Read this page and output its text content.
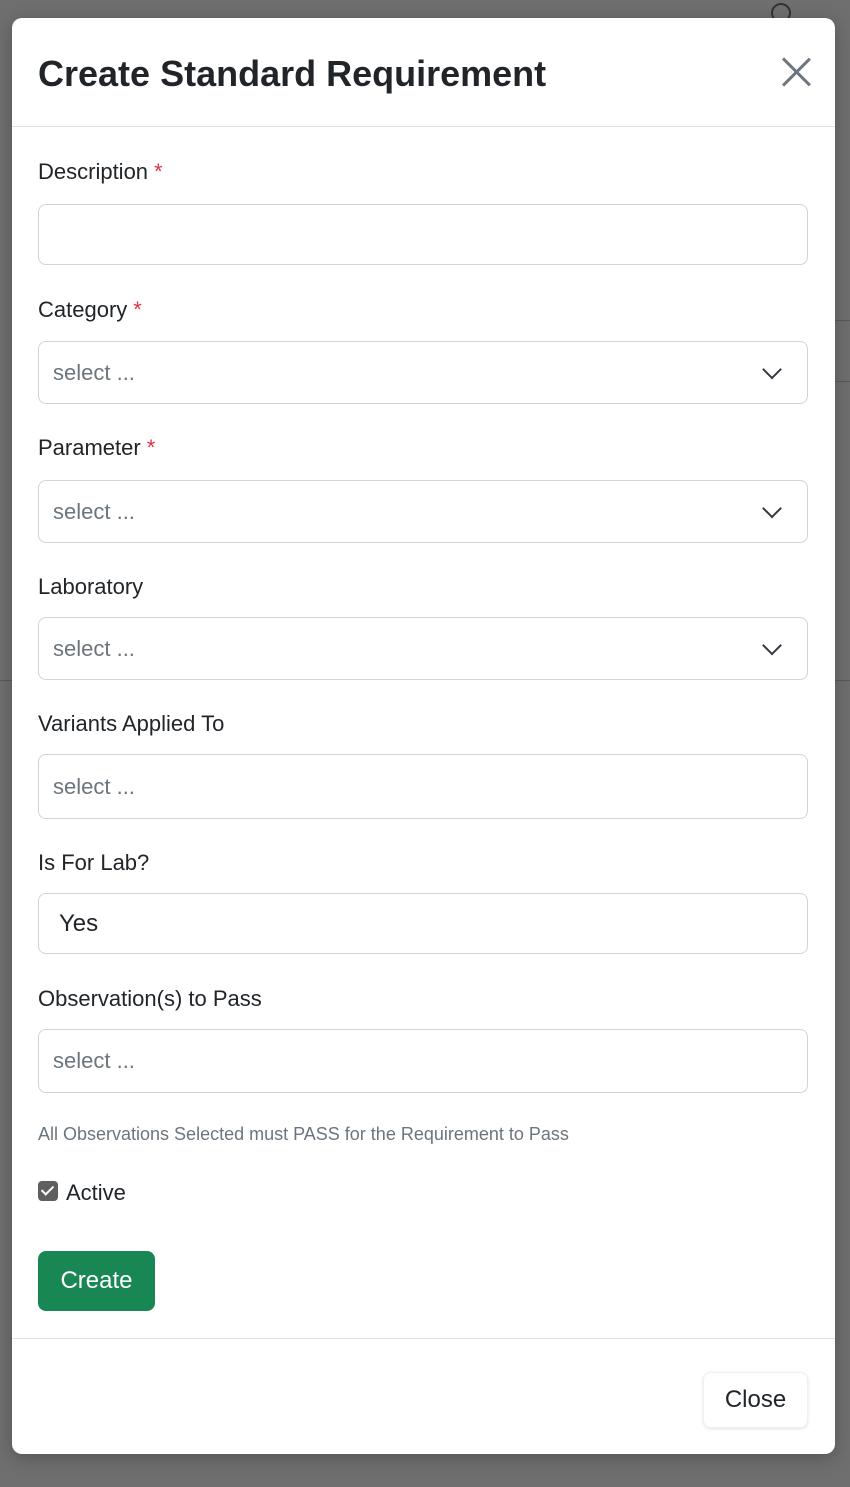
Create Standard Requirement
Description *
Category *
select ...
Parameter *
select ...
Laboratory
select ...
Variants Applied To
select ...
Is For Lab?
Yes
Observation(s) to Pass
select ...
All Observations Selected must PASS for the Requirement to Pass
Active
Create
Close
